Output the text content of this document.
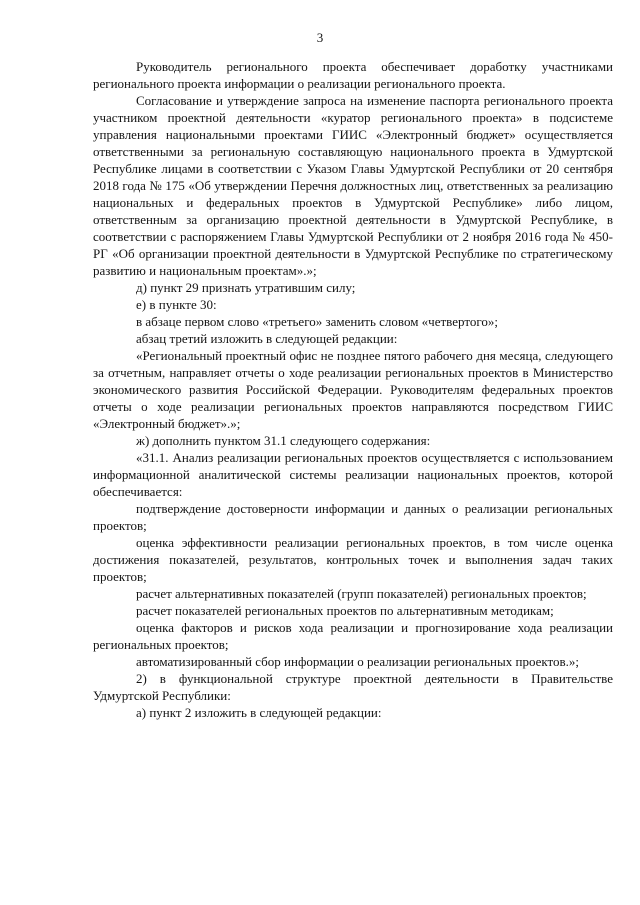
3

Руководитель регионального проекта обеспечивает доработку участниками регионального проекта информации о реализации регионального проекта.

Согласование и утверждение запроса на изменение паспорта регионального проекта участником проектной деятельности «куратор регионального проекта» в подсистеме управления национальными проектами ГИИС «Электронный бюджет» осуществляется ответственными за региональную составляющую национального проекта в Удмуртской Республике лицами в соответствии с Указом Главы Удмуртской Республики от 20 сентября 2018 года № 175 «Об утверждении Перечня должностных лиц, ответственных за реализацию национальных и федеральных проектов в Удмуртской Республике» либо лицом, ответственным за организацию проектной деятельности в Удмуртской Республике, в соответствии с распоряжением Главы Удмуртской Республики от 2 ноября 2016 года № 450-РГ «Об организации проектной деятельности в Удмуртской Республике по стратегическому развитию и национальным проектам».»;

д) пункт 29 признать утратившим силу;

е) в пункте 30:

в абзаце первом слово «третьего» заменить словом «четвертого»;

абзац третий изложить в следующей редакции:

«Региональный проектный офис не позднее пятого рабочего дня месяца, следующего за отчетным, направляет отчеты о ходе реализации региональных проектов в Министерство экономического развития Российской Федерации. Руководителям федеральных проектов отчеты о ходе реализации региональных проектов направляются посредством ГИИС «Электронный бюджет».»;

ж) дополнить пунктом 31.1 следующего содержания:

«31.1. Анализ реализации региональных проектов осуществляется с использованием информационной аналитической системы реализации национальных проектов, которой обеспечивается:

подтверждение достоверности информации и данных о реализации региональных проектов;

оценка эффективности реализации региональных проектов, в том числе оценка достижения показателей, результатов, контрольных точек и выполнения задач таких проектов;

расчет альтернативных показателей (групп показателей) региональных проектов;

расчет показателей региональных проектов по альтернативным методикам;

оценка факторов и рисков хода реализации и прогнозирование хода реализации региональных проектов;

автоматизированный сбор информации о реализации региональных проектов.»;

2) в функциональной структуре проектной деятельности в Правительстве Удмуртской Республики:

а) пункт 2 изложить в следующей редакции:
